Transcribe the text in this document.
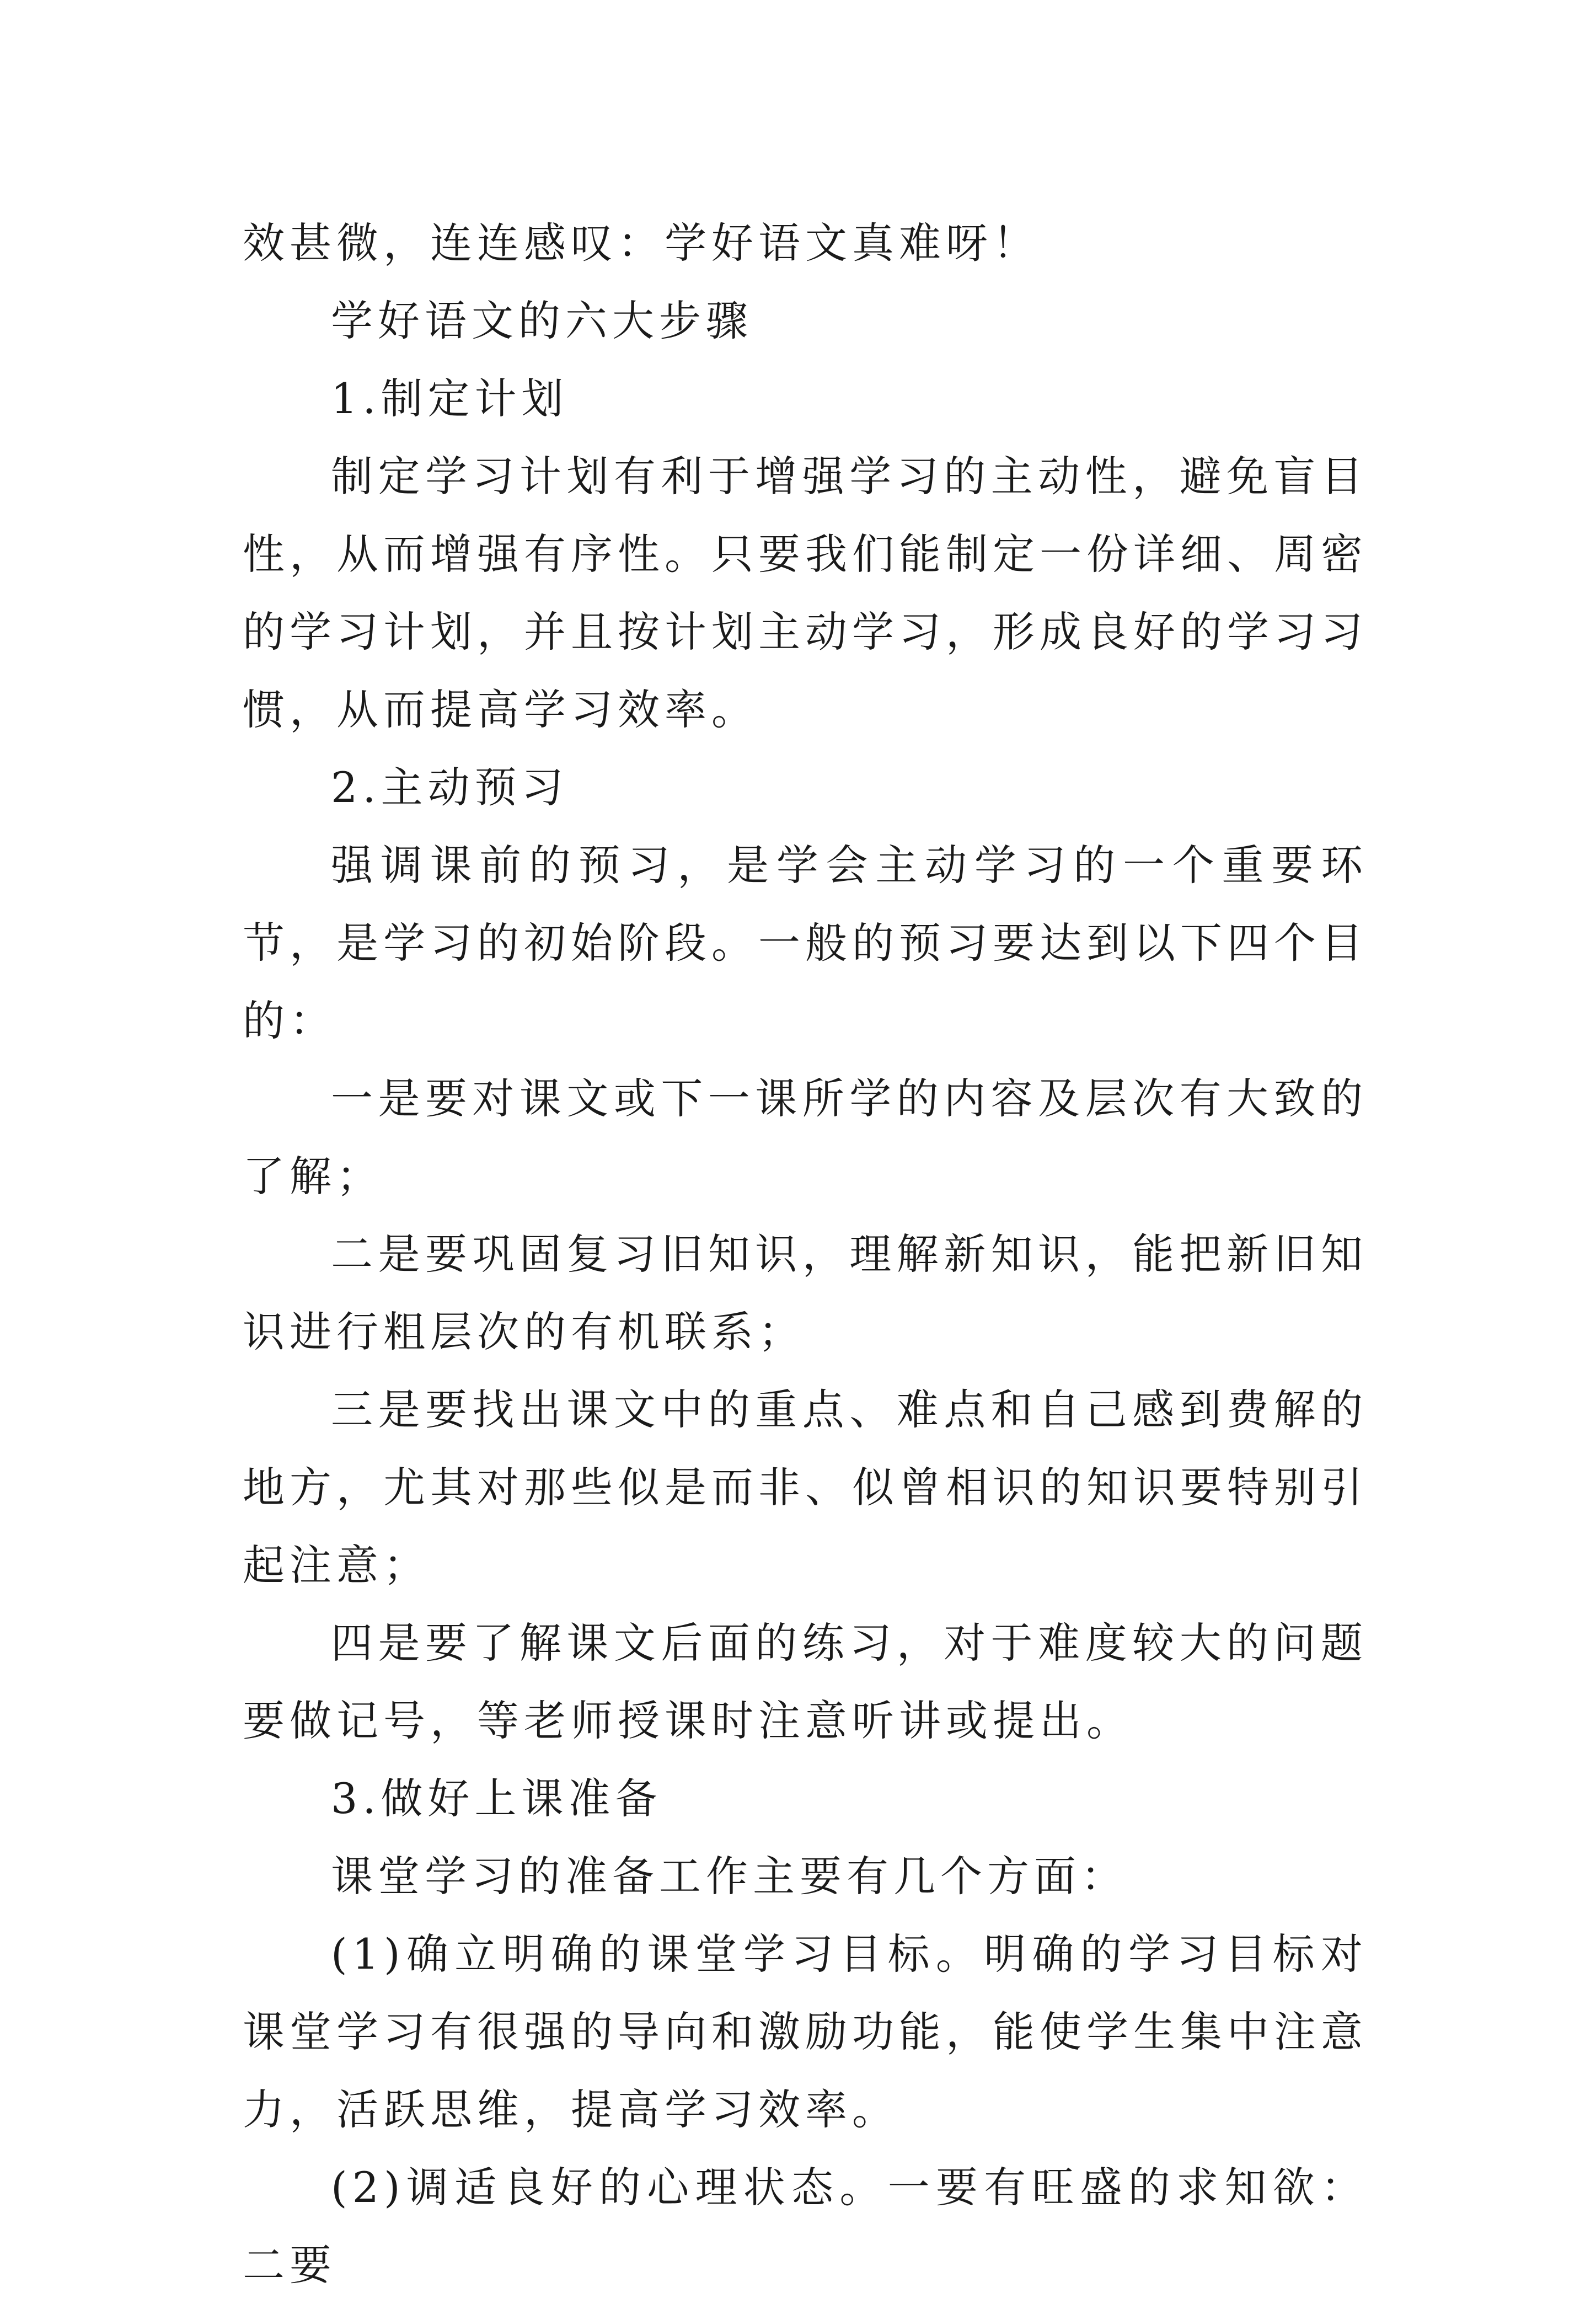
效甚微，连连感叹：学好语文真难呀！

学好语文的六大步骤

1.制定计划

制定学习计划有利于增强学习的主动性，避免盲目性，从而增强有序性。只要我们能制定一份详细、周密的学习计划，并且按计划主动学习，形成良好的学习习惯，从而提高学习效率。

2.主动预习

强调课前的预习，是学会主动学习的一个重要环节，是学习的初始阶段。一般的预习要达到以下四个目的：

一是要对课文或下一课所学的内容及层次有大致的了解；

二是要巩固复习旧知识，理解新知识，能把新旧知识进行粗层次的有机联系；

三是要找出课文中的重点、难点和自己感到费解的地方，尤其对那些似是而非、似曾相识的知识要特别引起注意；

四是要了解课文后面的练习，对于难度较大的问题要做记号，等老师授课时注意听讲或提出。

3.做好上课准备

课堂学习的准备工作主要有几个方面：

(1)确立明确的课堂学习目标。明确的学习目标对课堂学习有很强的导向和激励功能，能使学生集中注意力，活跃思维，提高学习效率。

(2)调适良好的心理状态。一要有旺盛的求知欲：二要
